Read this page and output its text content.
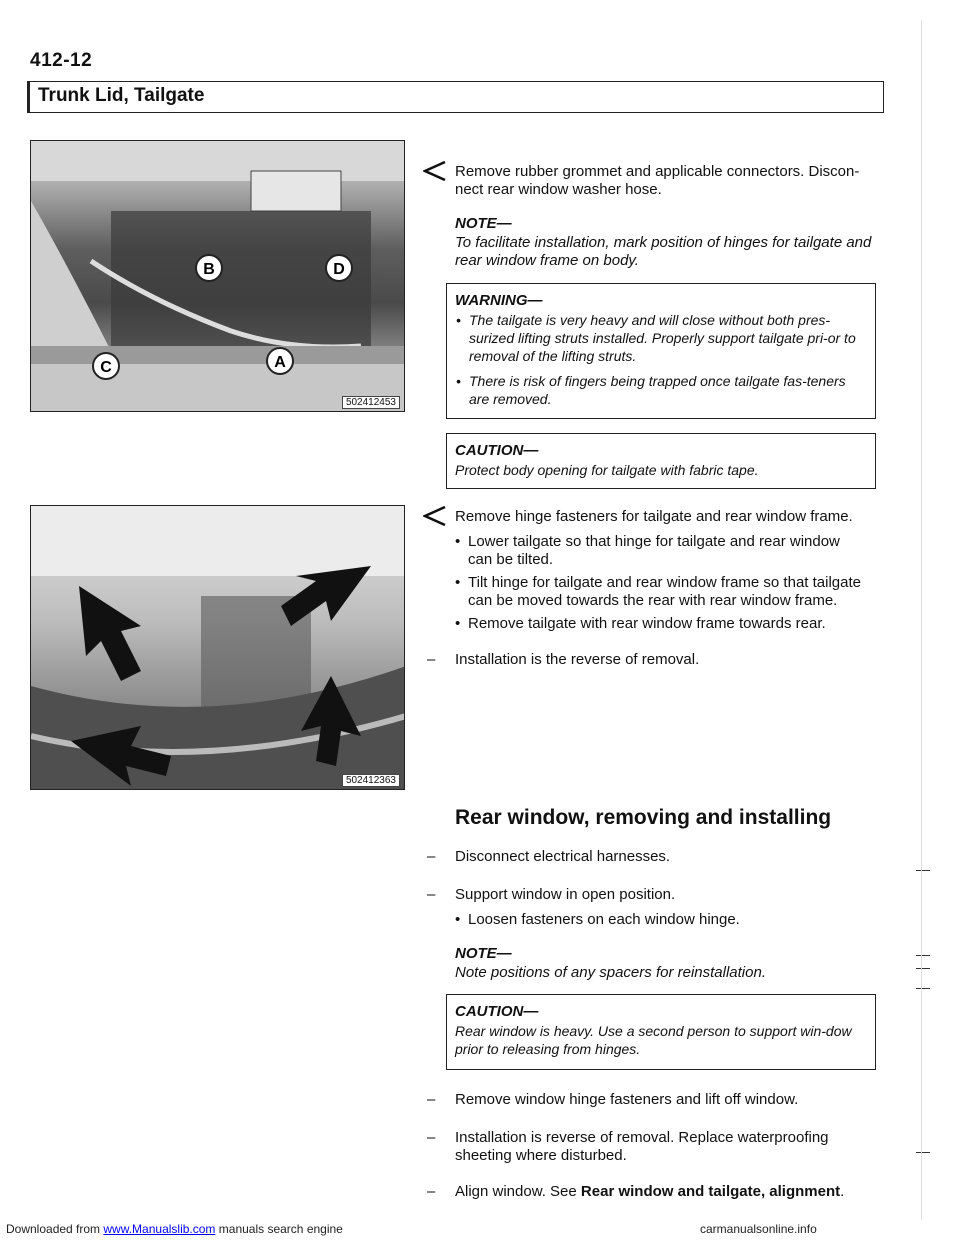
412-12
Trunk Lid, Tailgate
B	D
C	A
502412453
502412363
Remove rubber grommet and applicable connectors. Discon-nect rear window washer hose.
NOTE—
To facilitate installation, mark position of hinges for tailgate and rear window frame on body.
WARNING—
• The tailgate is very heavy and will close without both pres-surized lifting struts installed. Properly support tailgate pri-or to removal of the lifting struts.
• There is risk of fingers being trapped once tailgate fas-teners are removed.
CAUTION—
Protect body opening for tailgate with fabric tape.
Remove hinge fasteners for tailgate and rear window frame.
• Lower tailgate so that hinge for tailgate and rear window can be tilted.
• Tilt hinge for tailgate and rear window frame so that tailgate can be moved towards the rear with rear window frame.
• Remove tailgate with rear window frame towards rear.
– Installation is the reverse of removal.
Rear window, removing and installing
– Disconnect electrical harnesses.
– Support window in open position.
• Loosen fasteners on each window hinge.
NOTE—
Note positions of any spacers for reinstallation.
CAUTION—
Rear window is heavy. Use a second person to support win-dow prior to releasing from hinges.
– Remove window hinge fasteners and lift off window.
– Installation is reverse of removal. Replace waterproofing sheeting where disturbed.
– Align window. See Rear window and tailgate, alignment.
Downloaded from www.Manualslib.com manuals search engine	carmanualsonline.info
